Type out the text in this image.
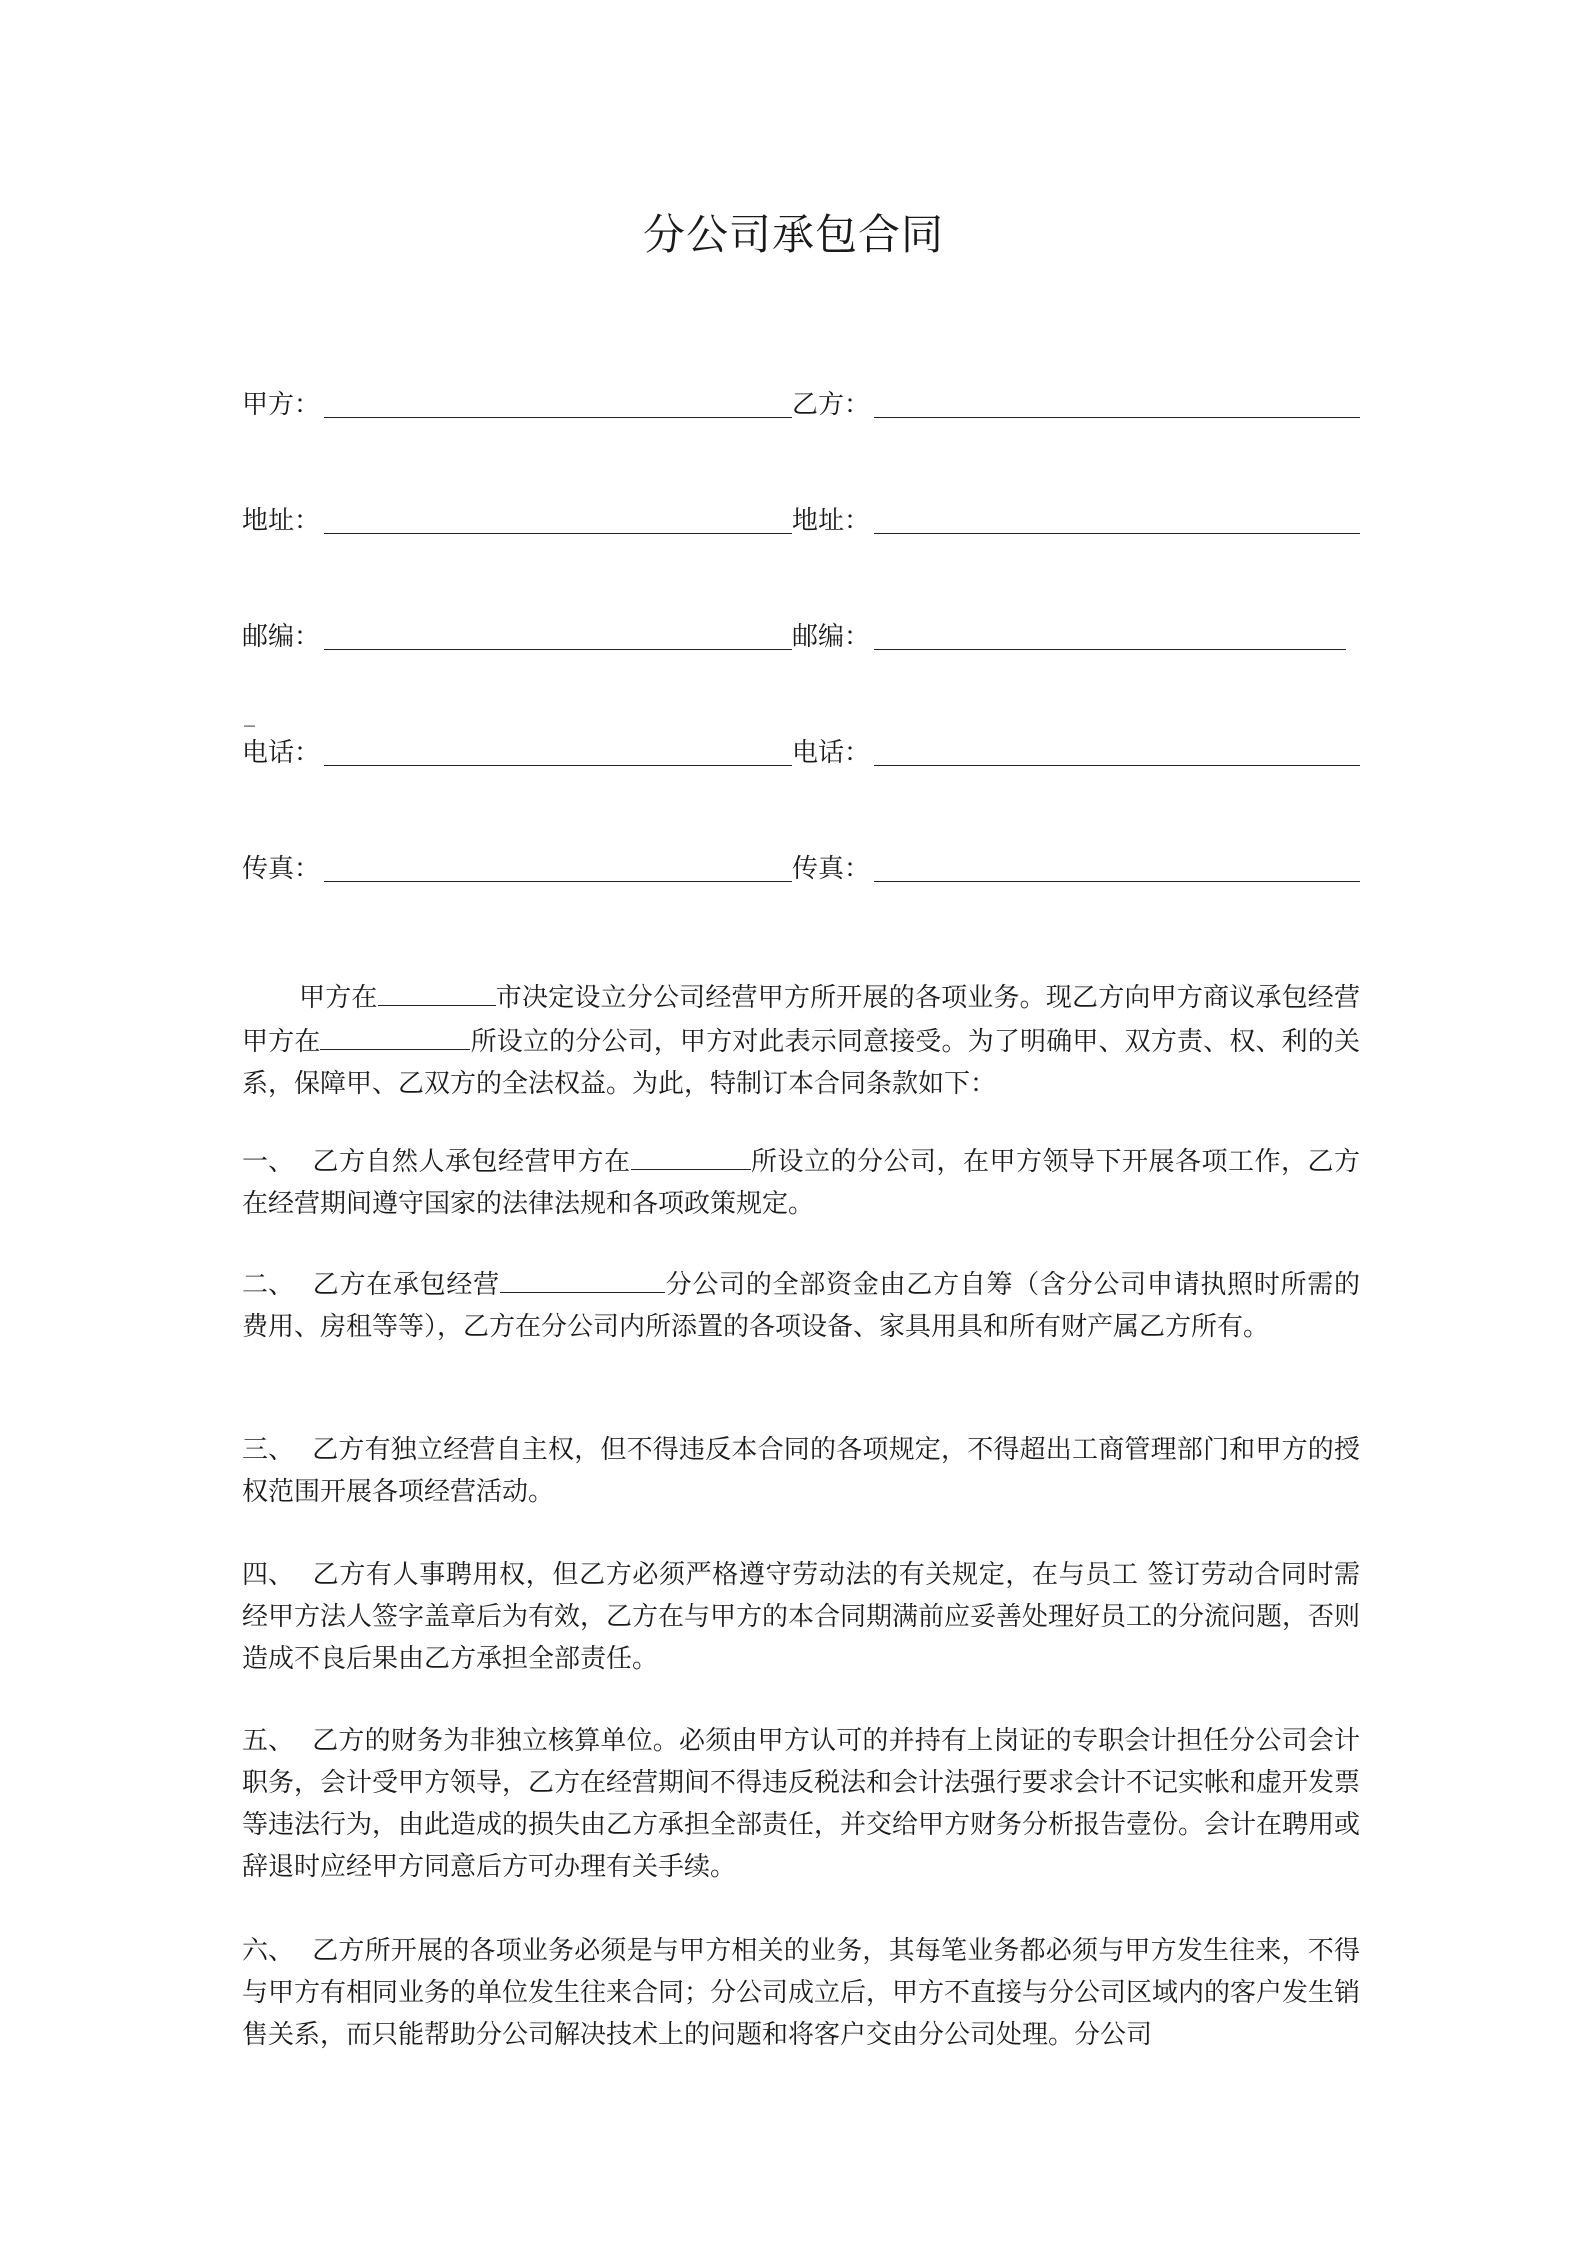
分公司承包合同
甲方：	乙方：
地址：	地址：
邮编：	邮编：
_
电话：	电话：
传真：	传真：

甲方在	市决定设立分公司经营甲方所开展的各项业务。现乙方向甲方商议承包经营甲方在	所设立的分公司，甲方对此表示同意接受。为了明确甲、双方责、权、利的关系，保障甲、乙双方的全法权益。为此，特制订本合同条款如下：

一、 乙方自然人承包经营甲方在	所设立的分公司，在甲方领导下开展各项工作，乙方在经营期间遵守国家的法律法规和各项政策规定。

二、 乙方在承包经营	分公司的全部资金由乙方自筹（含分公司申请执照时所需的费用、房租等等），乙方在分公司内所添置的各项设备、家具用具和所有财产属乙方所有。

三、 乙方有独立经营自主权，但不得违反本合同的各项规定，不得超出工商管理部门和甲方的授权范围开展各项经营活动。

四、 乙方有人事聘用权，但乙方必须严格遵守劳动法的有关规定，在与员工 签订劳动合同时需经甲方法人签字盖章后为有效，乙方在与甲方的本合同期满前应妥善处理好员工的分流问题，否则造成不良后果由乙方承担全部责任。

五、 乙方的财务为非独立核算单位。必须由甲方认可的并持有上岗证的专职会计担任分公司会计职务，会计受甲方领导，乙方在经营期间不得违反税法和会计法强行要求会计不记实帐和虚开发票等违法行为，由此造成的损失由乙方承担全部责任，并交给甲方财务分析报告壹份。会计在聘用或辞退时应经甲方同意后方可办理有关手续。

六、 乙方所开展的各项业务必须是与甲方相关的业务，其每笔业务都必须与甲方发生往来，不得与甲方有相同业务的单位发生往来合同；分公司成立后，甲方不直接与分公司区域内的客户发生销售关系，而只能帮助分公司解决技术上的问题和将客户交由分公司处理。分公司
